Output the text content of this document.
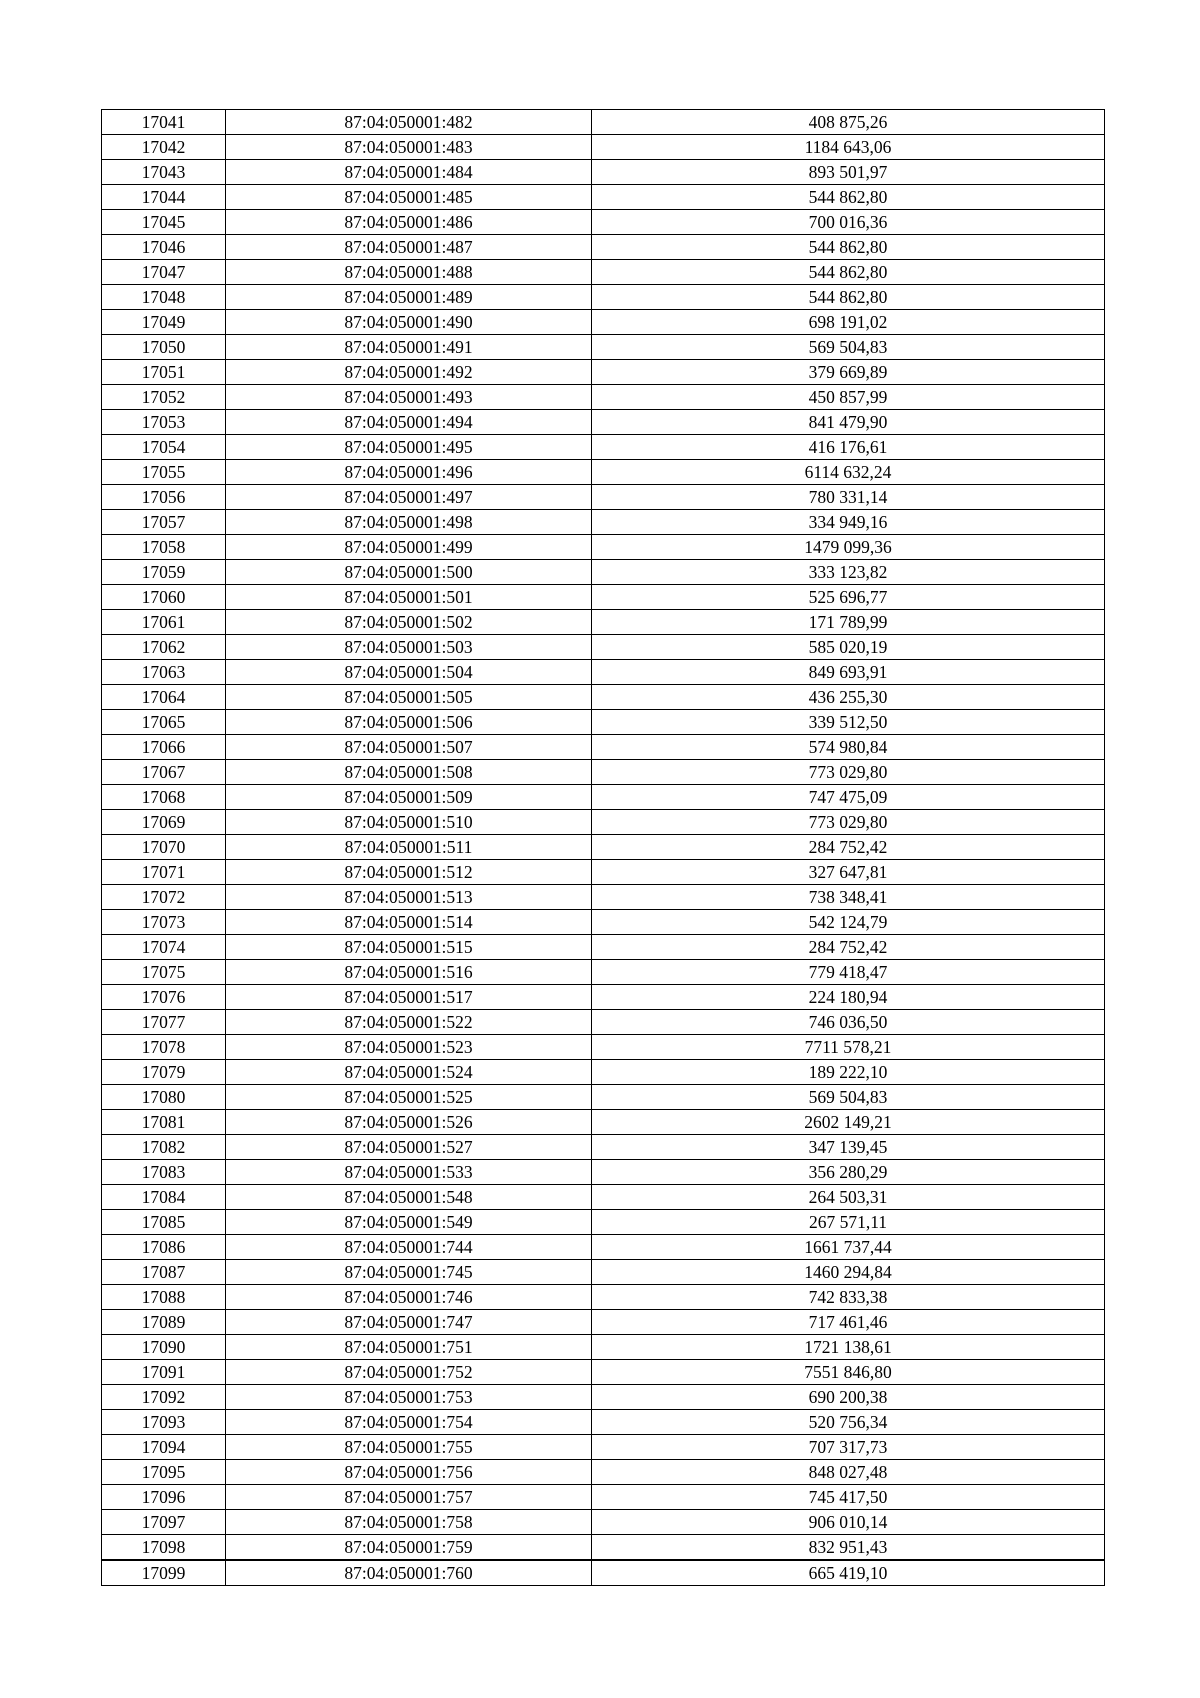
17041	87:04:050001:482	408 875,26
17042	87:04:050001:483	1184 643,06
17043	87:04:050001:484	893 501,97
17044	87:04:050001:485	544 862,80
17045	87:04:050001:486	700 016,36
17046	87:04:050001:487	544 862,80
17047	87:04:050001:488	544 862,80
17048	87:04:050001:489	544 862,80
17049	87:04:050001:490	698 191,02
17050	87:04:050001:491	569 504,83
17051	87:04:050001:492	379 669,89
17052	87:04:050001:493	450 857,99
17053	87:04:050001:494	841 479,90
17054	87:04:050001:495	416 176,61
17055	87:04:050001:496	6114 632,24
17056	87:04:050001:497	780 331,14
17057	87:04:050001:498	334 949,16
17058	87:04:050001:499	1479 099,36
17059	87:04:050001:500	333 123,82
17060	87:04:050001:501	525 696,77
17061	87:04:050001:502	171 789,99
17062	87:04:050001:503	585 020,19
17063	87:04:050001:504	849 693,91
17064	87:04:050001:505	436 255,30
17065	87:04:050001:506	339 512,50
17066	87:04:050001:507	574 980,84
17067	87:04:050001:508	773 029,80
17068	87:04:050001:509	747 475,09
17069	87:04:050001:510	773 029,80
17070	87:04:050001:511	284 752,42
17071	87:04:050001:512	327 647,81
17072	87:04:050001:513	738 348,41
17073	87:04:050001:514	542 124,79
17074	87:04:050001:515	284 752,42
17075	87:04:050001:516	779 418,47
17076	87:04:050001:517	224 180,94
17077	87:04:050001:522	746 036,50
17078	87:04:050001:523	7711 578,21
17079	87:04:050001:524	189 222,10
17080	87:04:050001:525	569 504,83
17081	87:04:050001:526	2602 149,21
17082	87:04:050001:527	347 139,45
17083	87:04:050001:533	356 280,29
17084	87:04:050001:548	264 503,31
17085	87:04:050001:549	267 571,11
17086	87:04:050001:744	1661 737,44
17087	87:04:050001:745	1460 294,84
17088	87:04:050001:746	742 833,38
17089	87:04:050001:747	717 461,46
17090	87:04:050001:751	1721 138,61
17091	87:04:050001:752	7551 846,80
17092	87:04:050001:753	690 200,38
17093	87:04:050001:754	520 756,34
17094	87:04:050001:755	707 317,73
17095	87:04:050001:756	848 027,48
17096	87:04:050001:757	745 417,50
17097	87:04:050001:758	906 010,14
17098	87:04:050001:759	832 951,43
17099	87:04:050001:760	665 419,10
